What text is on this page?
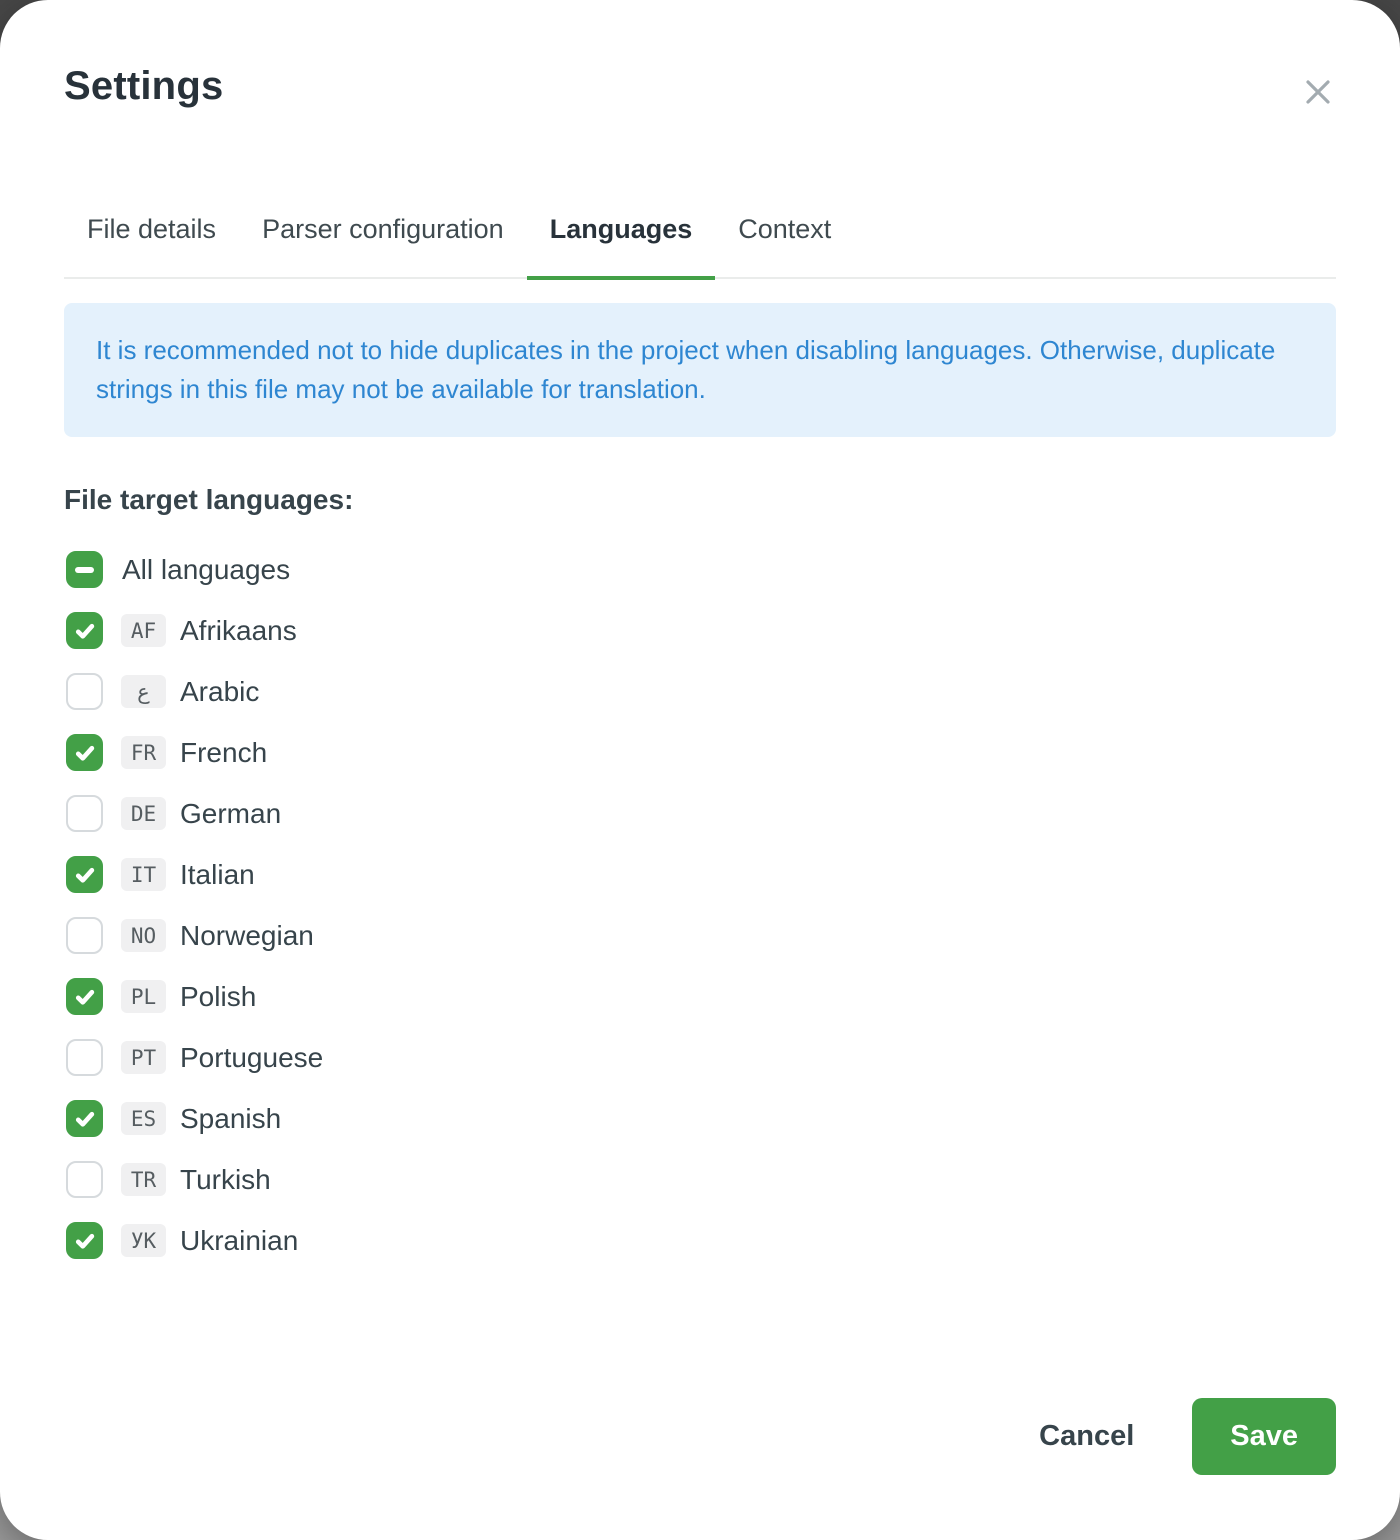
Settings
File details	Parser configuration	Languages	Context
It is recommended not to hide duplicates in the project when disabling languages. Otherwise, duplicate strings in this file may not be available for translation.
File target languages:
All languages
AF Afrikaans
ع	Arabic
FR French
DE German
IT Italian
NO Norwegian
PL Polish
PT Portuguese
ES Spanish
TR Turkish
УК Ukrainian
Cancel	Save
